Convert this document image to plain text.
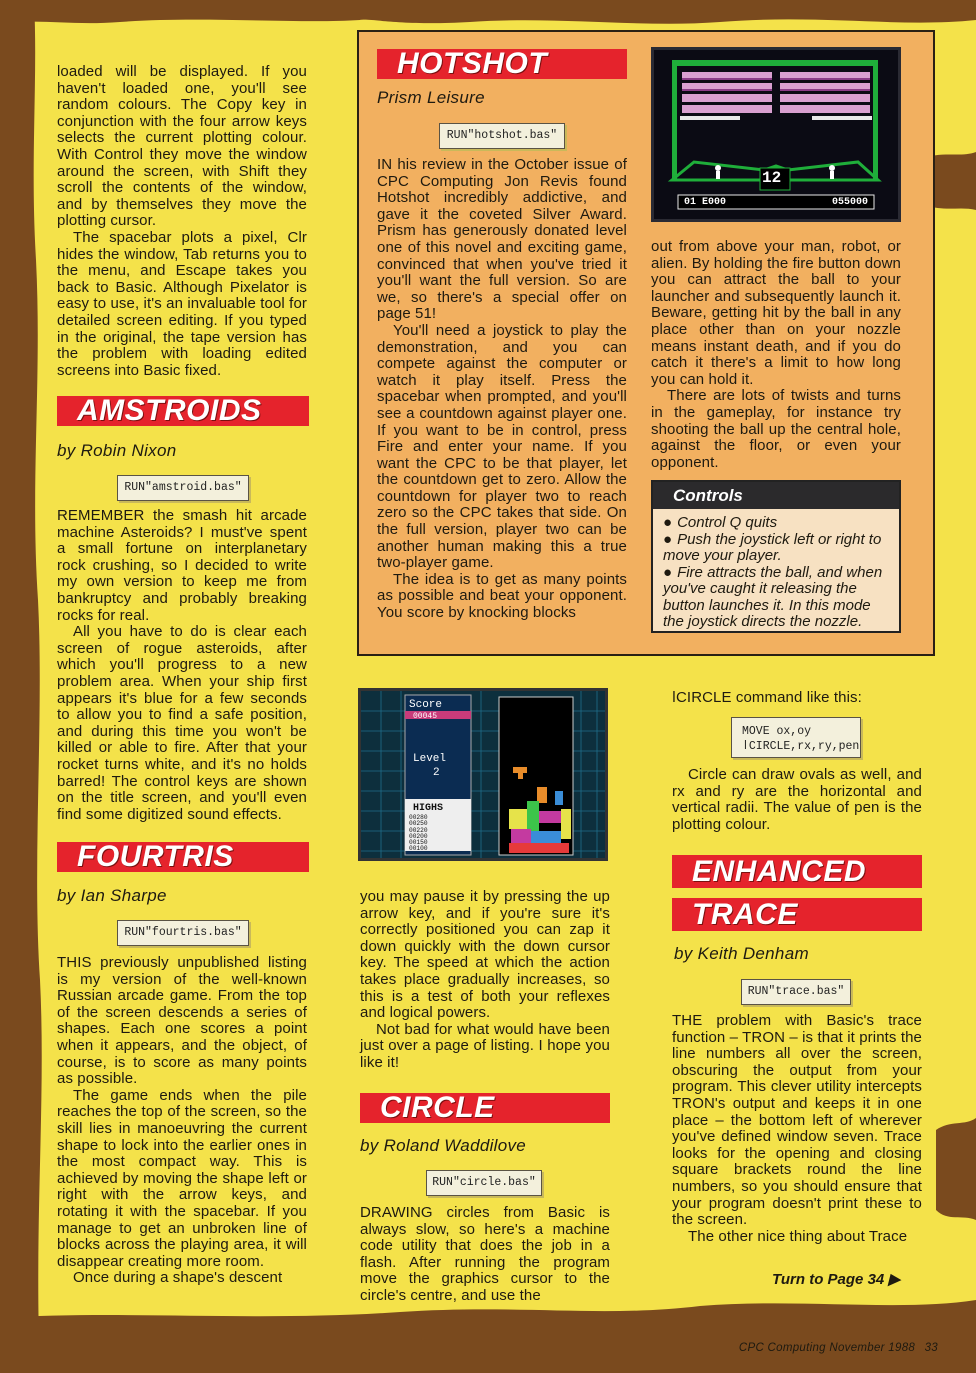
loaded will be displayed. If you haven't loaded one, you'll see random colours. The Copy key in conjunction with the four arrow keys selects the current plotting colour. With Control they move the window around the screen, with Shift they scroll the contents of the window, and by themselves they move the plotting cursor.

The spacebar plots a pixel, Clr hides the window, Tab returns you to the menu, and Escape takes you back to Basic. Although Pixelator is easy to use, it's an invaluable tool for detailed screen editing. If you typed in the original, the tape version has the problem with loading edited screens into Basic fixed.

AMSTROIDS
by Robin Nixon
RUN"amstroid.bas"

REMEMBER the smash hit arcade machine Asteroids? I must've spent a small fortune on interplanetary rock crushing, so I decided to write my own version to keep me from bankruptcy and probably breaking rocks for real.

All you have to do is clear each screen of rogue asteroids, after which you'll progress to a new problem area. When your ship first appears it's blue for a few seconds to allow you to find a safe position, and during this time you won't be killed or able to fire. After that your rocket turns white, and it's no holds barred! The control keys are shown on the title screen, and you'll even find some digitized sound effects.

FOURTRIS
by Ian Sharpe
RUN"fourtris.bas"

THIS previously unpublished listing is my version of the well-known Russian arcade game. From the top of the screen descends a series of shapes. Each one scores a point when it appears, and the object, of course, is to score as many points as possible.

The game ends when the pile reaches the top of the screen, so the skill lies in manoeuvring the current shape to lock into the earlier ones in the most compact way. This is achieved by moving the shape left or right with the arrow keys, and rotating it with the spacebar. If you manage to get an unbroken line of blocks across the playing area, it will disappear creating more room.

Once during a shape's descent

HOTSHOT
Prism Leisure
RUN"hotshot.bas"

IN his review in the October issue of CPC Computing Jon Revis found Hotshot incredibly addictive, and gave it the coveted Silver Award. Prism has generously donated level one of this novel and exciting game, convinced that when you've tried it you'll want the full version. So are we, so there's a special offer on page 51!

You'll need a joystick to play the demonstration, and you can compete against the computer or watch it play itself. Press the spacebar when prompted, and you'll see a countdown against player one. If you want to be in control, press Fire and enter your name. If you want the CPC to be that player, let the countdown get to zero. Allow the countdown for player two to reach zero so the CPC takes that side. On the full version, player two can be another human making this a true two-player game.

The idea is to get as many points as possible and beat your opponent. You score by knocking blocks

01 E000
12
055000

out from above your man, robot, or alien. By holding the fire button down you can attract the ball to your launcher and subsequently launch it. Beware, getting hit by the ball in any place other than on your nozzle means instant death, and if you do catch it there's a limit to how long you can hold it.

There are lots of twists and turns in the gameplay, for instance try shooting the ball up the central hole, against the floor, or even your opponent.

Controls
● Control Q quits
● Push the joystick left or right to move your player.
● Fire attracts the ball, and when you've caught it releasing the button launches it. In this mode the joystick directs the nozzle.
Score
00045
Level
2
HIGHS
00280
00250
00220
00200
00150
00100

you may pause it by pressing the up arrow key, and if you're sure it's correctly positioned you can zap it down quickly with the down cursor key. The speed at which the action takes place gradually increases, so this is a test of both your reflexes and logical powers.

Not bad for what would have been just over a page of listing. I hope you like it!

CIRCLE
by Roland Waddilove
RUN"circle.bas"

DRAWING circles from Basic is always slow, so here's a machine code utility that does the job in a flash. After running the program move the graphics cursor to the circle's centre, and use the

ǀCIRCLE command like this:
MOVE ox,oy
ǀCIRCLE,rx,ry,pen

Circle can draw ovals as well, and rx and ry are the horizontal and vertical radii. The value of pen is the plotting colour.

ENHANCED
TRACE
by Keith Denham
RUN"trace.bas"

THE problem with Basic's trace function – TRON – is that it prints the line numbers all over the screen, obscuring the output from your program. This clever utility intercepts TRON's output and keeps it in one place – the bottom left of wherever you've defined window seven. Trace looks for the opening and closing square brackets round the line numbers, so you should ensure that your program doesn't print these to the screen.

The other nice thing about Trace

Turn to Page 34 ▶
CPC Computing November 1988 33
